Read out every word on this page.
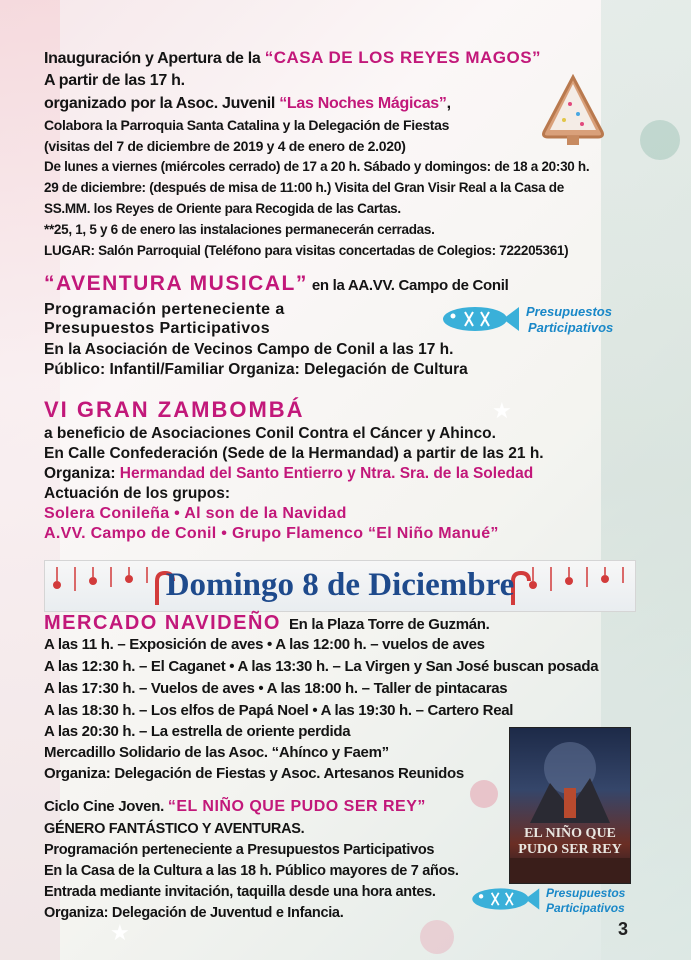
★
★
Inauguración y Apertura de la “CASA DE LOS REYES MAGOS”
A partir de las 17 h.
organizado por la Asoc. Juvenil “Las Noches Mágicas”,
Colabora la Parroquia Santa Catalina y la Delegación de Fiestas
(visitas del 7 de diciembre de 2019 y 4 de enero de 2.020)
De lunes a viernes (miércoles cerrado) de 17 a 20 h. Sábado y domingos: de 18 a 20:30 h.
29 de diciembre: (después de misa de 11:00 h.) Visita del Gran Visir Real a la Casa de
SS.MM. los Reyes de Oriente para Recogida de las Cartas.
**25, 1, 5 y 6 de enero las instalaciones permanecerán cerradas.
LUGAR: Salón Parroquial (Teléfono para visitas concertadas de Colegios: 722205361)
“AVENTURA MUSICAL” en la AA.VV. Campo de Conil
Programación perteneciente a
Presupuestos Participativos
En la Asociación de Vecinos Campo de Conil a las 17 h.
Público: Infantil/Familiar Organiza: Delegación de Cultura
Presupuestos
Participativos
VI GRAN ZAMBOMBÁ
a beneficio de Asociaciones Conil Contra el Cáncer y Ahinco.
En Calle Confederación (Sede de la Hermandad) a partir de las 21 h.
Organiza: Hermandad del Santo Entierro y Ntra. Sra. de la Soledad
Actuación de los grupos:
Solera Conileña • Al son de la Navidad
A.VV. Campo de Conil • Grupo Flamenco “El Niño Manué”
Domingo 8 de Diciembre
MERCADO NAVIDEÑO En la Plaza Torre de Guzmán.
A las 11 h. – Exposición de aves • A las 12:00 h. – vuelos de aves
A las 12:30 h. – El Caganet • A las 13:30 h. – La Virgen y San José buscan posada
A las 17:30 h. – Vuelos de aves • A las 18:00 h. – Taller de pintacaras
A las 18:30 h. – Los elfos de Papá Noel • A las 19:30 h. – Cartero Real
A las 20:30 h. – La estrella de oriente perdida
Mercadillo Solidario de las Asoc. “Ahínco y Faem”
Organiza: Delegación de Fiestas y Asoc. Artesanos Reunidos
EL NIÑO QUE PUDO SER REY
Ciclo Cine Joven. “EL NIÑO QUE PUDO SER REY”
GÉNERO FANTÁSTICO Y AVENTURAS.
Programación perteneciente a Presupuestos Participativos
En la Casa de la Cultura a las 18 h. Público mayores de 7 años.
Entrada mediante invitación, taquilla desde una hora antes.
Organiza: Delegación de Juventud e Infancia.
Presupuestos
Participativos
3
